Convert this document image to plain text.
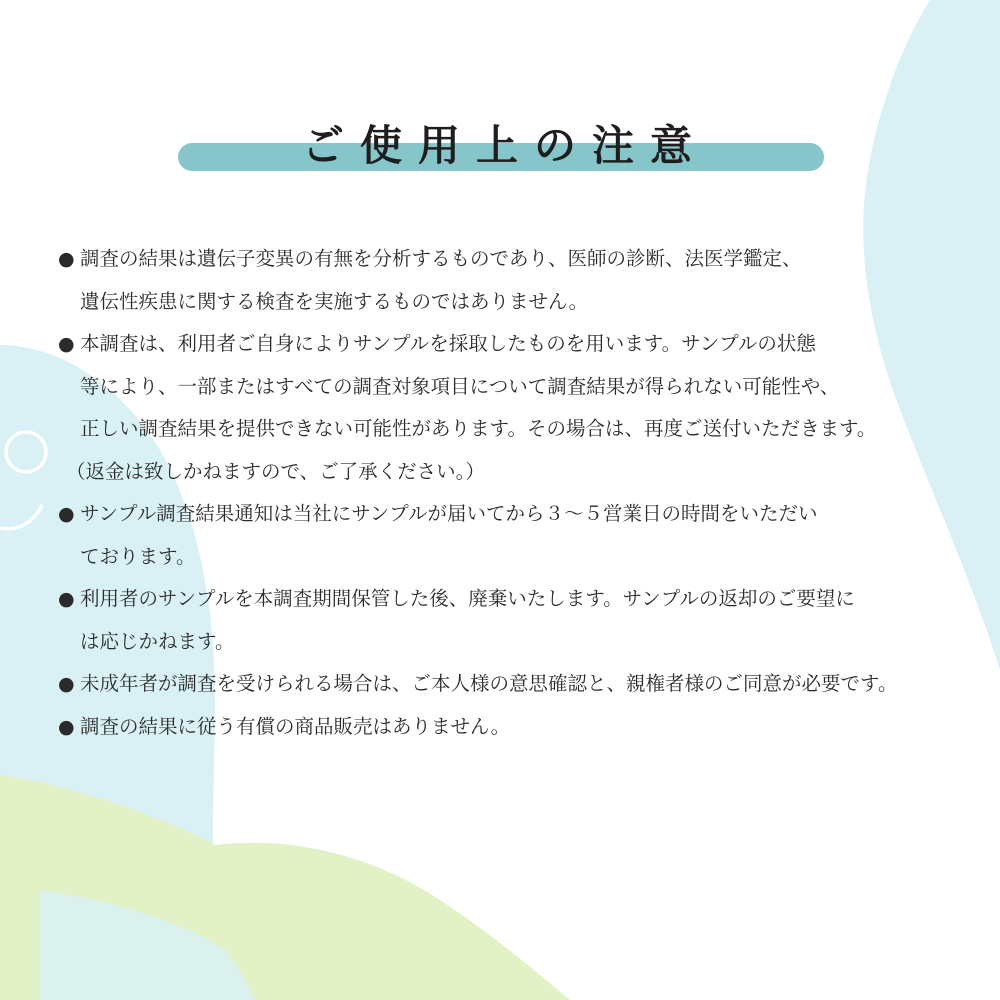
ご使用上の注意
● 調査の結果は遺伝子変異の有無を分析するものであり、医師の診断、法医学鑑定、
遺伝性疾患に関する検査を実施するものではありません。
● 本調査は、利用者ご自身によりサンプルを採取したものを用います。サンプルの状態
等により、一部またはすべての調査対象項目について調査結果が得られない可能性や、
正しい調査結果を提供できない可能性があります。その場合は、再度ご送付いただきます。
（返金は致しかねますので、ご了承ください。）
● サンプル調査結果通知は当社にサンプルが届いてから３～５営業日の時間をいただい
ております。
● 利用者のサンプルを本調査期間保管した後、廃棄いたします。サンプルの返却のご要望に
は応じかねます。
● 未成年者が調査を受けられる場合は、ご本人様の意思確認と、親権者様のご同意が必要です。
● 調査の結果に従う有償の商品販売はありません。
